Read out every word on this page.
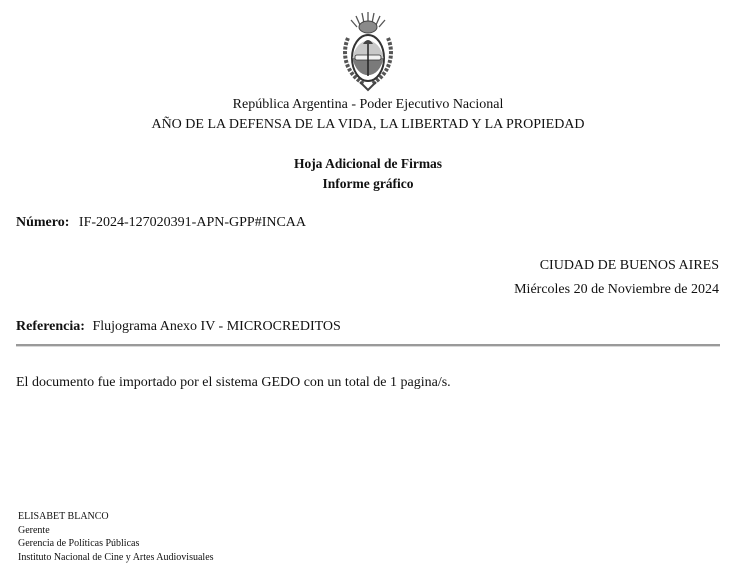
República Argentina - Poder Ejecutivo Nacional
AÑO DE LA DEFENSA DE LA VIDA, LA LIBERTAD Y LA PROPIEDAD
Hoja Adicional de Firmas
Informe gráfico
Número: IF-2024-127020391-APN-GPP#INCAA
CIUDAD DE BUENOS AIRES
Miércoles 20 de Noviembre de 2024
Referencia: Flujograma Anexo IV - MICROCREDITOS
El documento fue importado por el sistema GEDO con un total de 1 pagina/s.
ELISABET BLANCO
Gerente
Gerencia de Políticas Públicas
Instituto Nacional de Cine y Artes Audiovisuales
